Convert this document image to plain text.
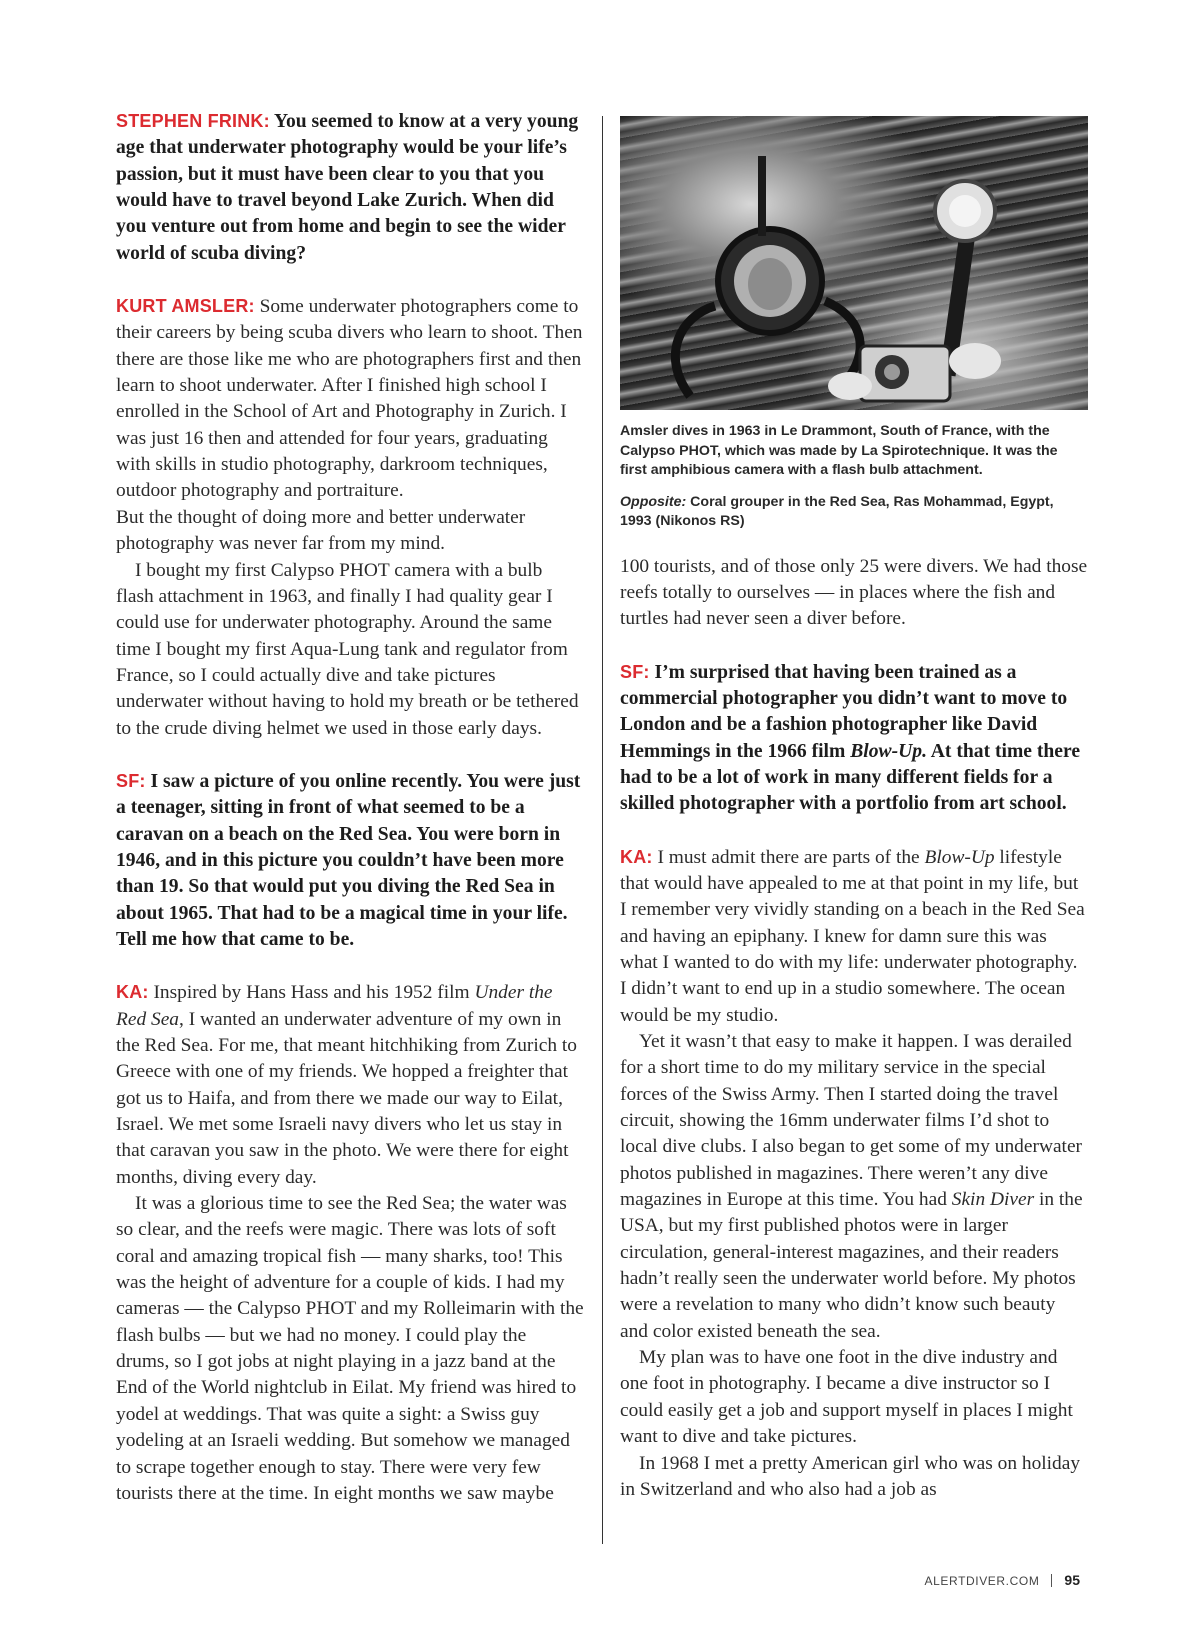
STEPHEN FRINK: You seemed to know at a very young age that underwater photography would be your life’s passion, but it must have been clear to you that you would have to travel beyond Lake Zurich. When did you venture out from home and begin to see the wider world of scuba diving?

KURT AMSLER: Some underwater photographers come to their careers by being scuba divers who learn to shoot. Then there are those like me who are photographers first and then learn to shoot underwater. After I finished high school I enrolled in the School of Art and Photography in Zurich. I was just 16 then and attended for four years, graduating with skills in studio photography, darkroom techniques, outdoor photography and portraiture.

But the thought of doing more and better underwater photography was never far from my mind.

I bought my first Calypso PHOT camera with a bulb flash attachment in 1963, and finally I had quality gear I could use for underwater photography. Around the same time I bought my first Aqua-Lung tank and regulator from France, so I could actually dive and take pictures underwater without having to hold my breath or be tethered to the crude diving helmet we used in those early days.

SF: I saw a picture of you online recently. You were just a teenager, sitting in front of what seemed to be a caravan on a beach on the Red Sea. You were born in 1946, and in this picture you couldn’t have been more than 19. So that would put you diving the Red Sea in about 1965. That had to be a magical time in your life. Tell me how that came to be.

KA: Inspired by Hans Hass and his 1952 film Under the Red Sea, I wanted an underwater adventure of my own in the Red Sea. For me, that meant hitchhiking from Zurich to Greece with one of my friends. We hopped a freighter that got us to Haifa, and from there we made our way to Eilat, Israel. We met some Israeli navy divers who let us stay in that caravan you saw in the photo. We were there for eight months, diving every day.

It was a glorious time to see the Red Sea; the water was so clear, and the reefs were magic. There was lots of soft coral and amazing tropical fish — many sharks, too! This was the height of adventure for a couple of kids. I had my cameras — the Calypso PHOT and my Rolleimarin with the flash bulbs — but we had no money. I could play the drums, so I got jobs at night playing in a jazz band at the End of the World nightclub in Eilat. My friend was hired to yodel at weddings. That was quite a sight: a Swiss guy yodeling at an Israeli wedding. But somehow we managed to scrape together enough to stay. There were very few tourists there at the time. In eight months we saw maybe

Amsler dives in 1963 in Le Drammont, South of France, with the Calypso PHOT, which was made by La Spirotechnique. It was the first amphibious camera with a flash bulb attachment.
Opposite: Coral grouper in the Red Sea, Ras Mohammad, Egypt, 1993 (Nikonos RS)

100 tourists, and of those only 25 were divers. We had those reefs totally to ourselves — in places where the fish and turtles had never seen a diver before.

SF: I’m surprised that having been trained as a commercial photographer you didn’t want to move to London and be a fashion photographer like David Hemmings in the 1966 film Blow-Up. At that time there had to be a lot of work in many different fields for a skilled photographer with a portfolio from art school.

KA: I must admit there are parts of the Blow-Up lifestyle that would have appealed to me at that point in my life, but I remember very vividly standing on a beach in the Red Sea and having an epiphany. I knew for damn sure this was what I wanted to do with my life: underwater photography. I didn’t want to end up in a studio somewhere. The ocean would be my studio.

Yet it wasn’t that easy to make it happen. I was derailed for a short time to do my military service in the special forces of the Swiss Army. Then I started doing the travel circuit, showing the 16mm underwater films I’d shot to local dive clubs. I also began to get some of my underwater photos published in magazines. There weren’t any dive magazines in Europe at this time. You had Skin Diver in the USA, but my first published photos were in larger circulation, general-interest magazines, and their readers hadn’t really seen the underwater world before. My photos were a revelation to many who didn’t know such beauty and color existed beneath the sea.

My plan was to have one foot in the dive industry and one foot in photography. I became a dive instructor so I could easily get a job and support myself in places I might want to dive and take pictures.

In 1968 I met a pretty American girl who was on holiday in Switzerland and who also had a job as

ALERTDIVER.COM 95
